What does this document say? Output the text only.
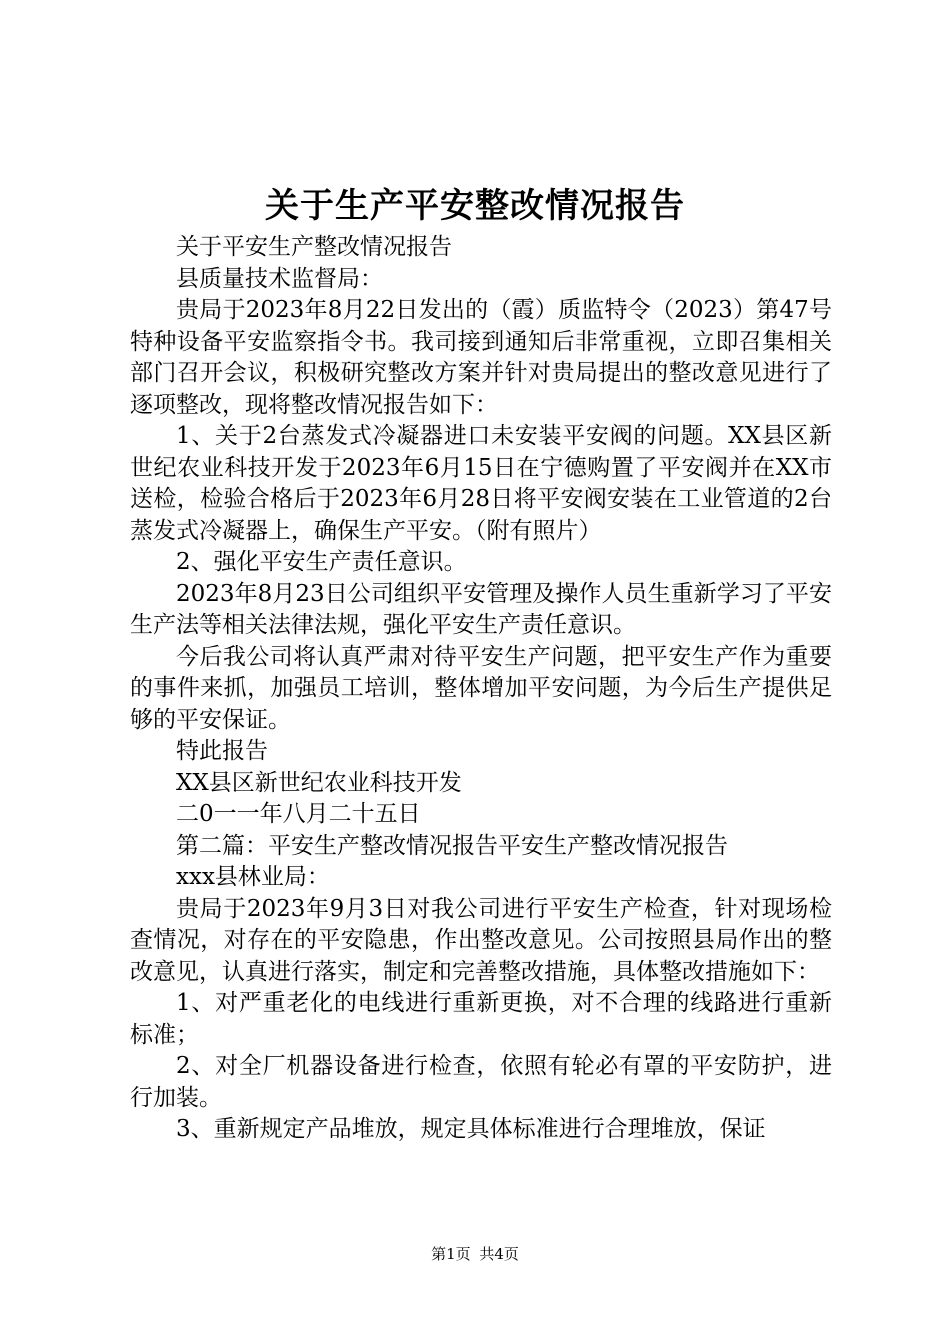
关于生产平安整改情况报告

关于平安生产整改情况报告

县质量技术监督局：

贵局于2023年8月22日发出的（霞）质监特令（2023）第47号特种设备平安监察指令书。我司接到通知后非常重视，立即召集相关部门召开会议，积极研究整改方案并针对贵局提出的整改意见进行了逐项整改，现将整改情况报告如下：

1、关于2台蒸发式冷凝器进口未安装平安阀的问题。XX县区新世纪农业科技开发于2023年6月15日在宁德购置了平安阀并在XX市送检，检验合格后于2023年6月28日将平安阀安装在工业管道的2台蒸发式冷凝器上，确保生产平安。（附有照片）

2、强化平安生产责任意识。

2023年8月23日公司组织平安管理及操作人员生重新学习了平安生产法等相关法律法规，强化平安生产责任意识。

今后我公司将认真严肃对待平安生产问题，把平安生产作为重要的事件来抓，加强员工培训，整体增加平安问题，为今后生产提供足够的平安保证。

特此报告

XX县区新世纪农业科技开发

二0一一年八月二十五日

第二篇：平安生产整改情况报告平安生产整改情况报告

xxx县林业局：

贵局于2023年9月3日对我公司进行平安生产检查，针对现场检查情况，对存在的平安隐患，作出整改意见。公司按照县局作出的整改意见，认真进行落实，制定和完善整改措施，具体整改措施如下：

1、对严重老化的电线进行重新更换，对不合理的线路进行重新标准；

2、对全厂机器设备进行检查，依照有轮必有罩的平安防护，进行加装。

3、重新规定产品堆放，规定具体标准进行合理堆放，保证

第1页 共4页
